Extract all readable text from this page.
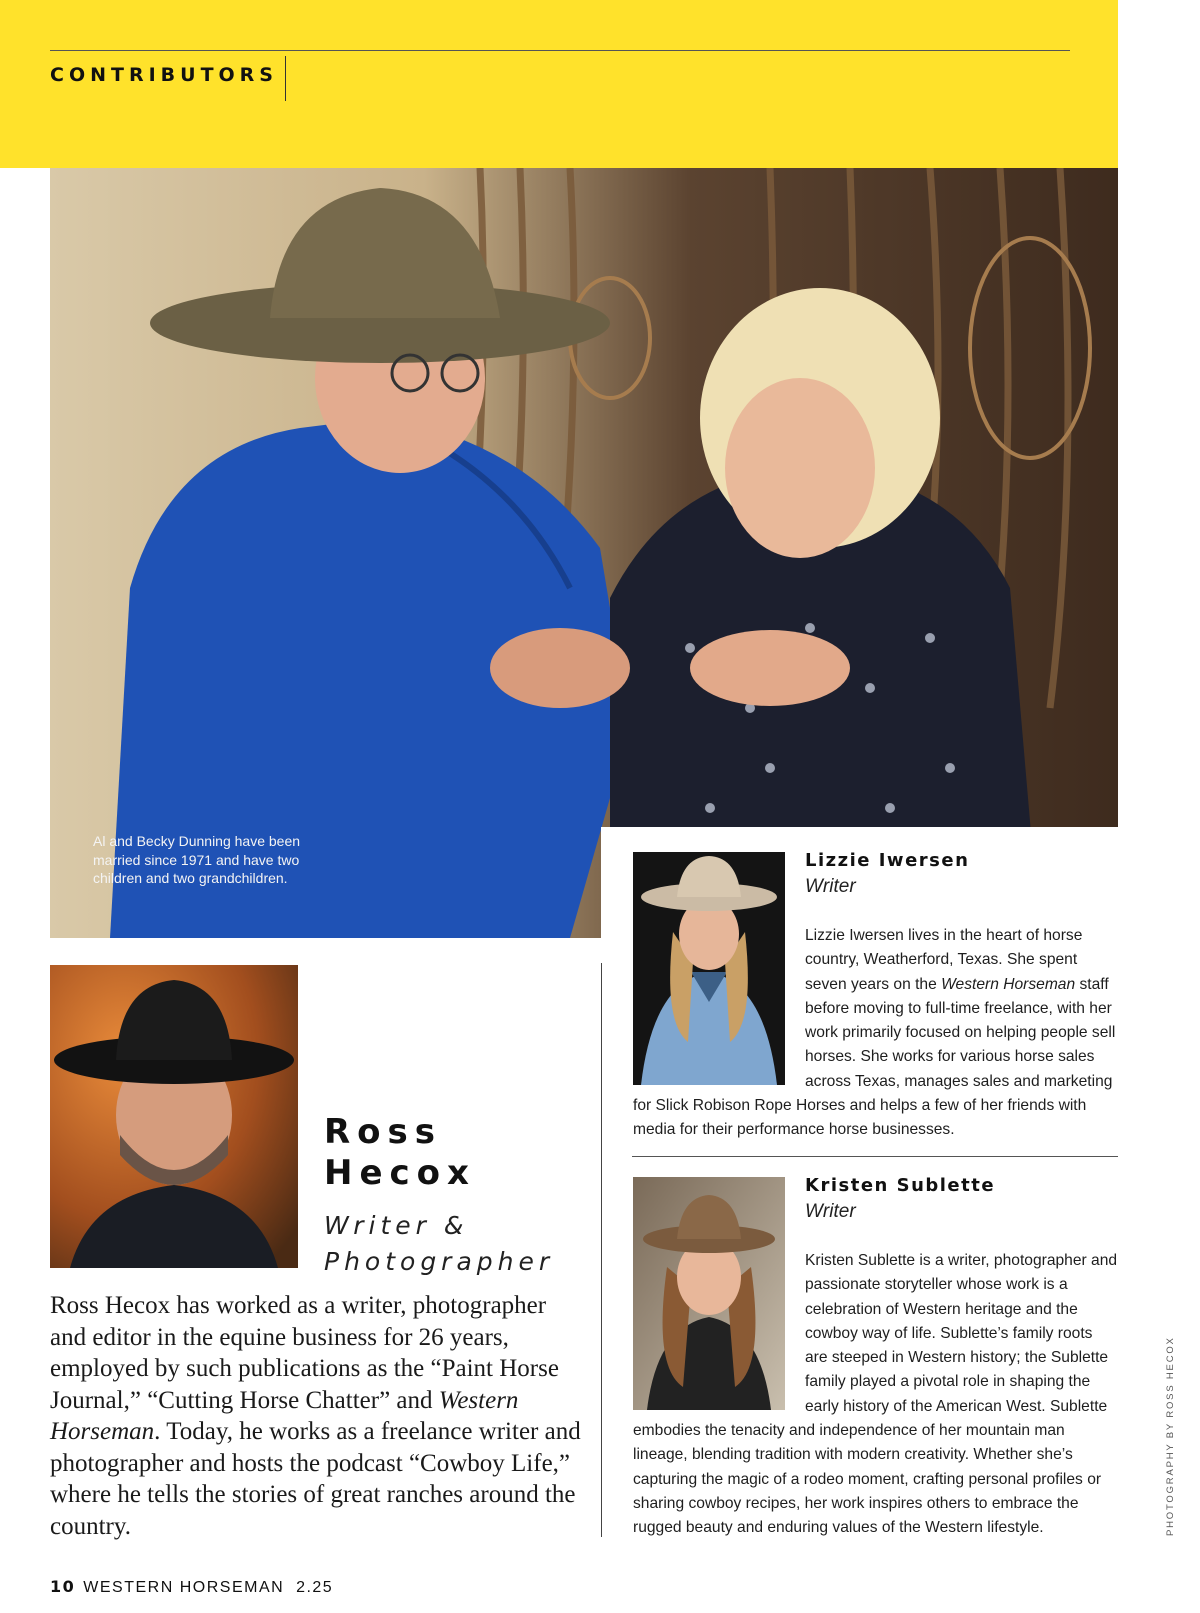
CONTRIBUTORS
Al and Becky Dunning have been married since 1971 and have two children and two grandchildren.
Ross
Hecox
Writer &
Photographer
Ross Hecox has worked as a writer, photographer and editor in the equine business for 26 years, employed by such publications as the “Paint Horse Journal,” “Cutting Horse Chatter” and Western Horseman. Today, he works as a freelance writer and photographer and hosts the podcast “Cowboy Life,” where he tells the stories of great ranches around the country.
Lizzie Iwersen
Writer
Lizzie Iwersen lives in the heart of horse country, Weatherford, Texas. She spent seven years on the Western Horseman staff before moving to full-time freelance, with her work primarily focused on helping people sell horses. She works for various horse sales across Texas, manages sales and marketing for Slick Robison Rope Horses and helps a few of her friends with media for their performance horse businesses.
Kristen Sublette
Writer
Kristen Sublette is a writer, photographer and passionate storyteller whose work is a celebration of Western heritage and the cowboy way of life. Sublette’s family roots are steeped in Western history; the Sublette family played a pivotal role in shaping the early history of the American West. Sublette embodies the tenacity and independence of her mountain man lineage, blending tradition with modern creativity. Whether she’s capturing the magic of a rodeo moment, crafting personal profiles or sharing cowboy recipes, her work inspires others to embrace the rugged beauty and enduring values of the Western lifestyle.	PHOTOGRAPHY BY ROSS HECOX
10 WESTERN HORSEMAN 2.25
